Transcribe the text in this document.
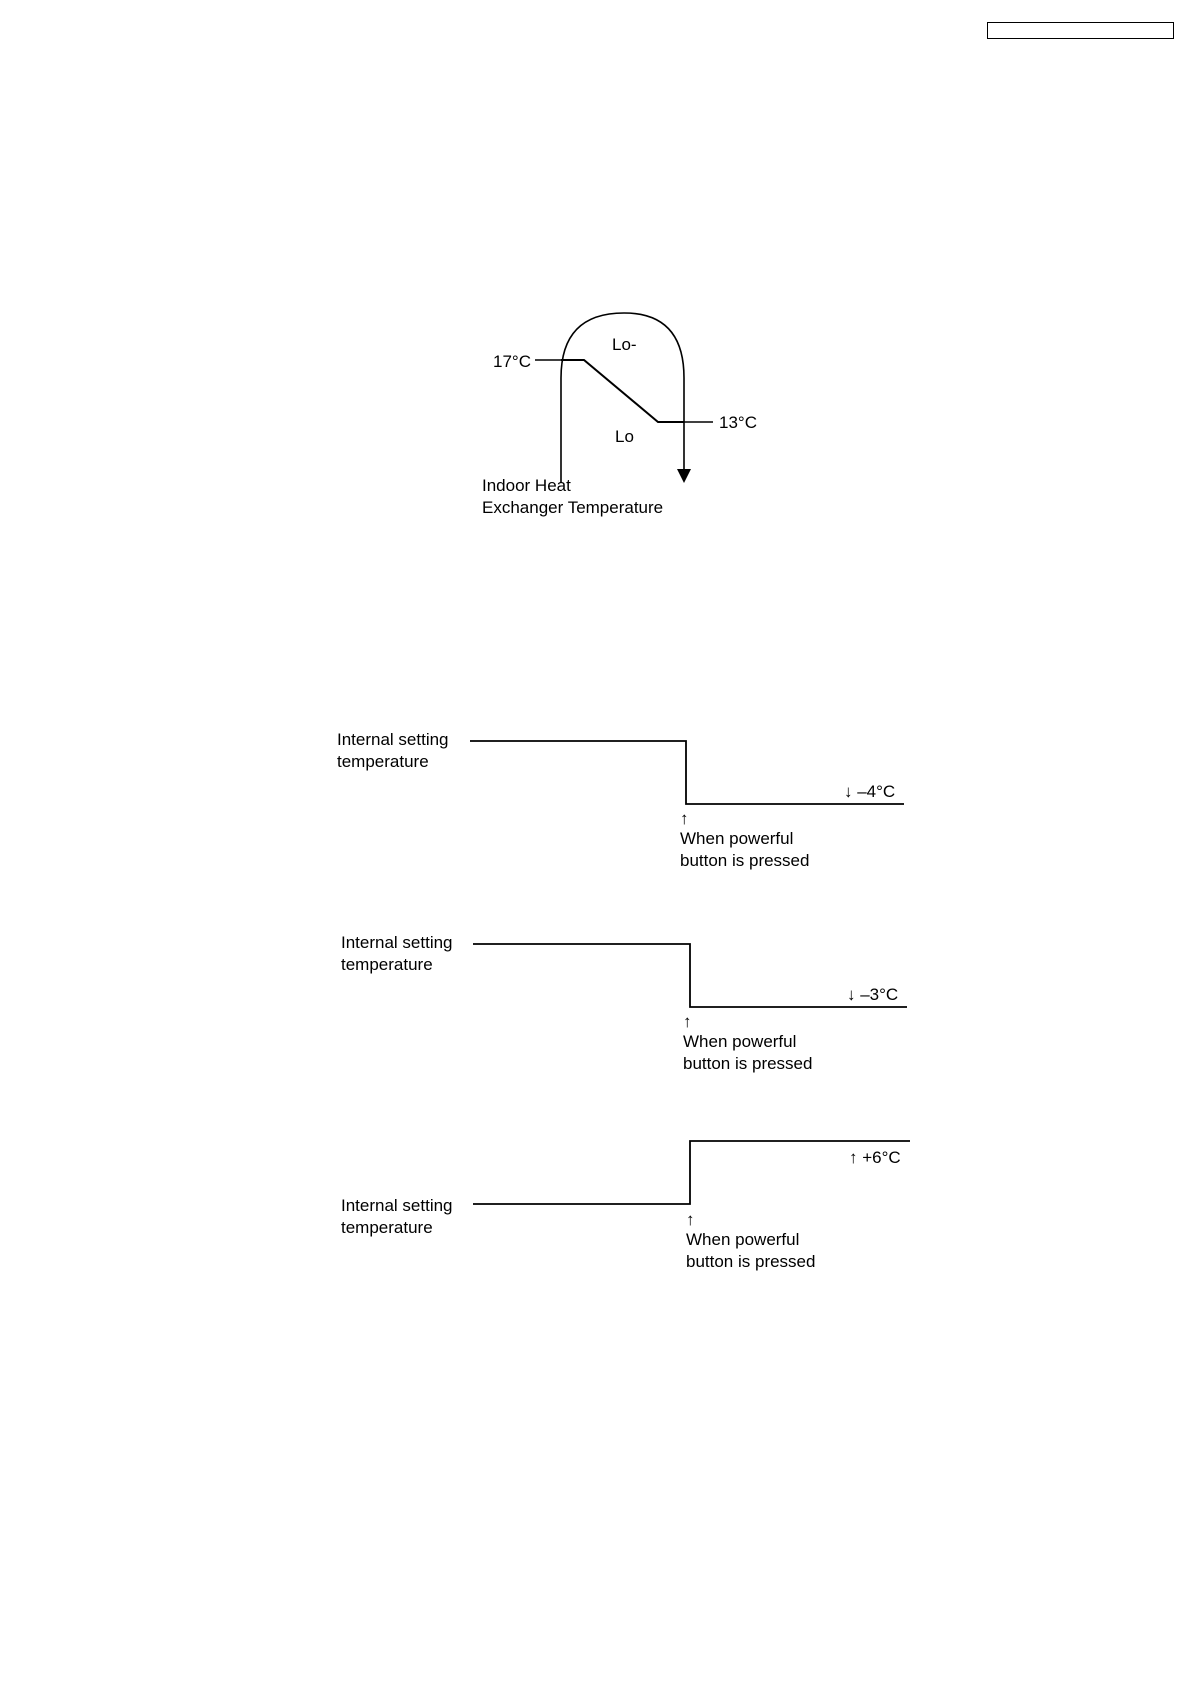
Lo-
Lo
17°C
13°C
Indoor Heat
Exchanger Temperature
Internal setting
temperature
↓ –4°C
↑
When powerful
button is pressed
Internal setting
temperature
↓ –3°C
↑
When powerful
button is pressed
Internal setting
temperature
↑ +6°C
↑
When powerful
button is pressed
